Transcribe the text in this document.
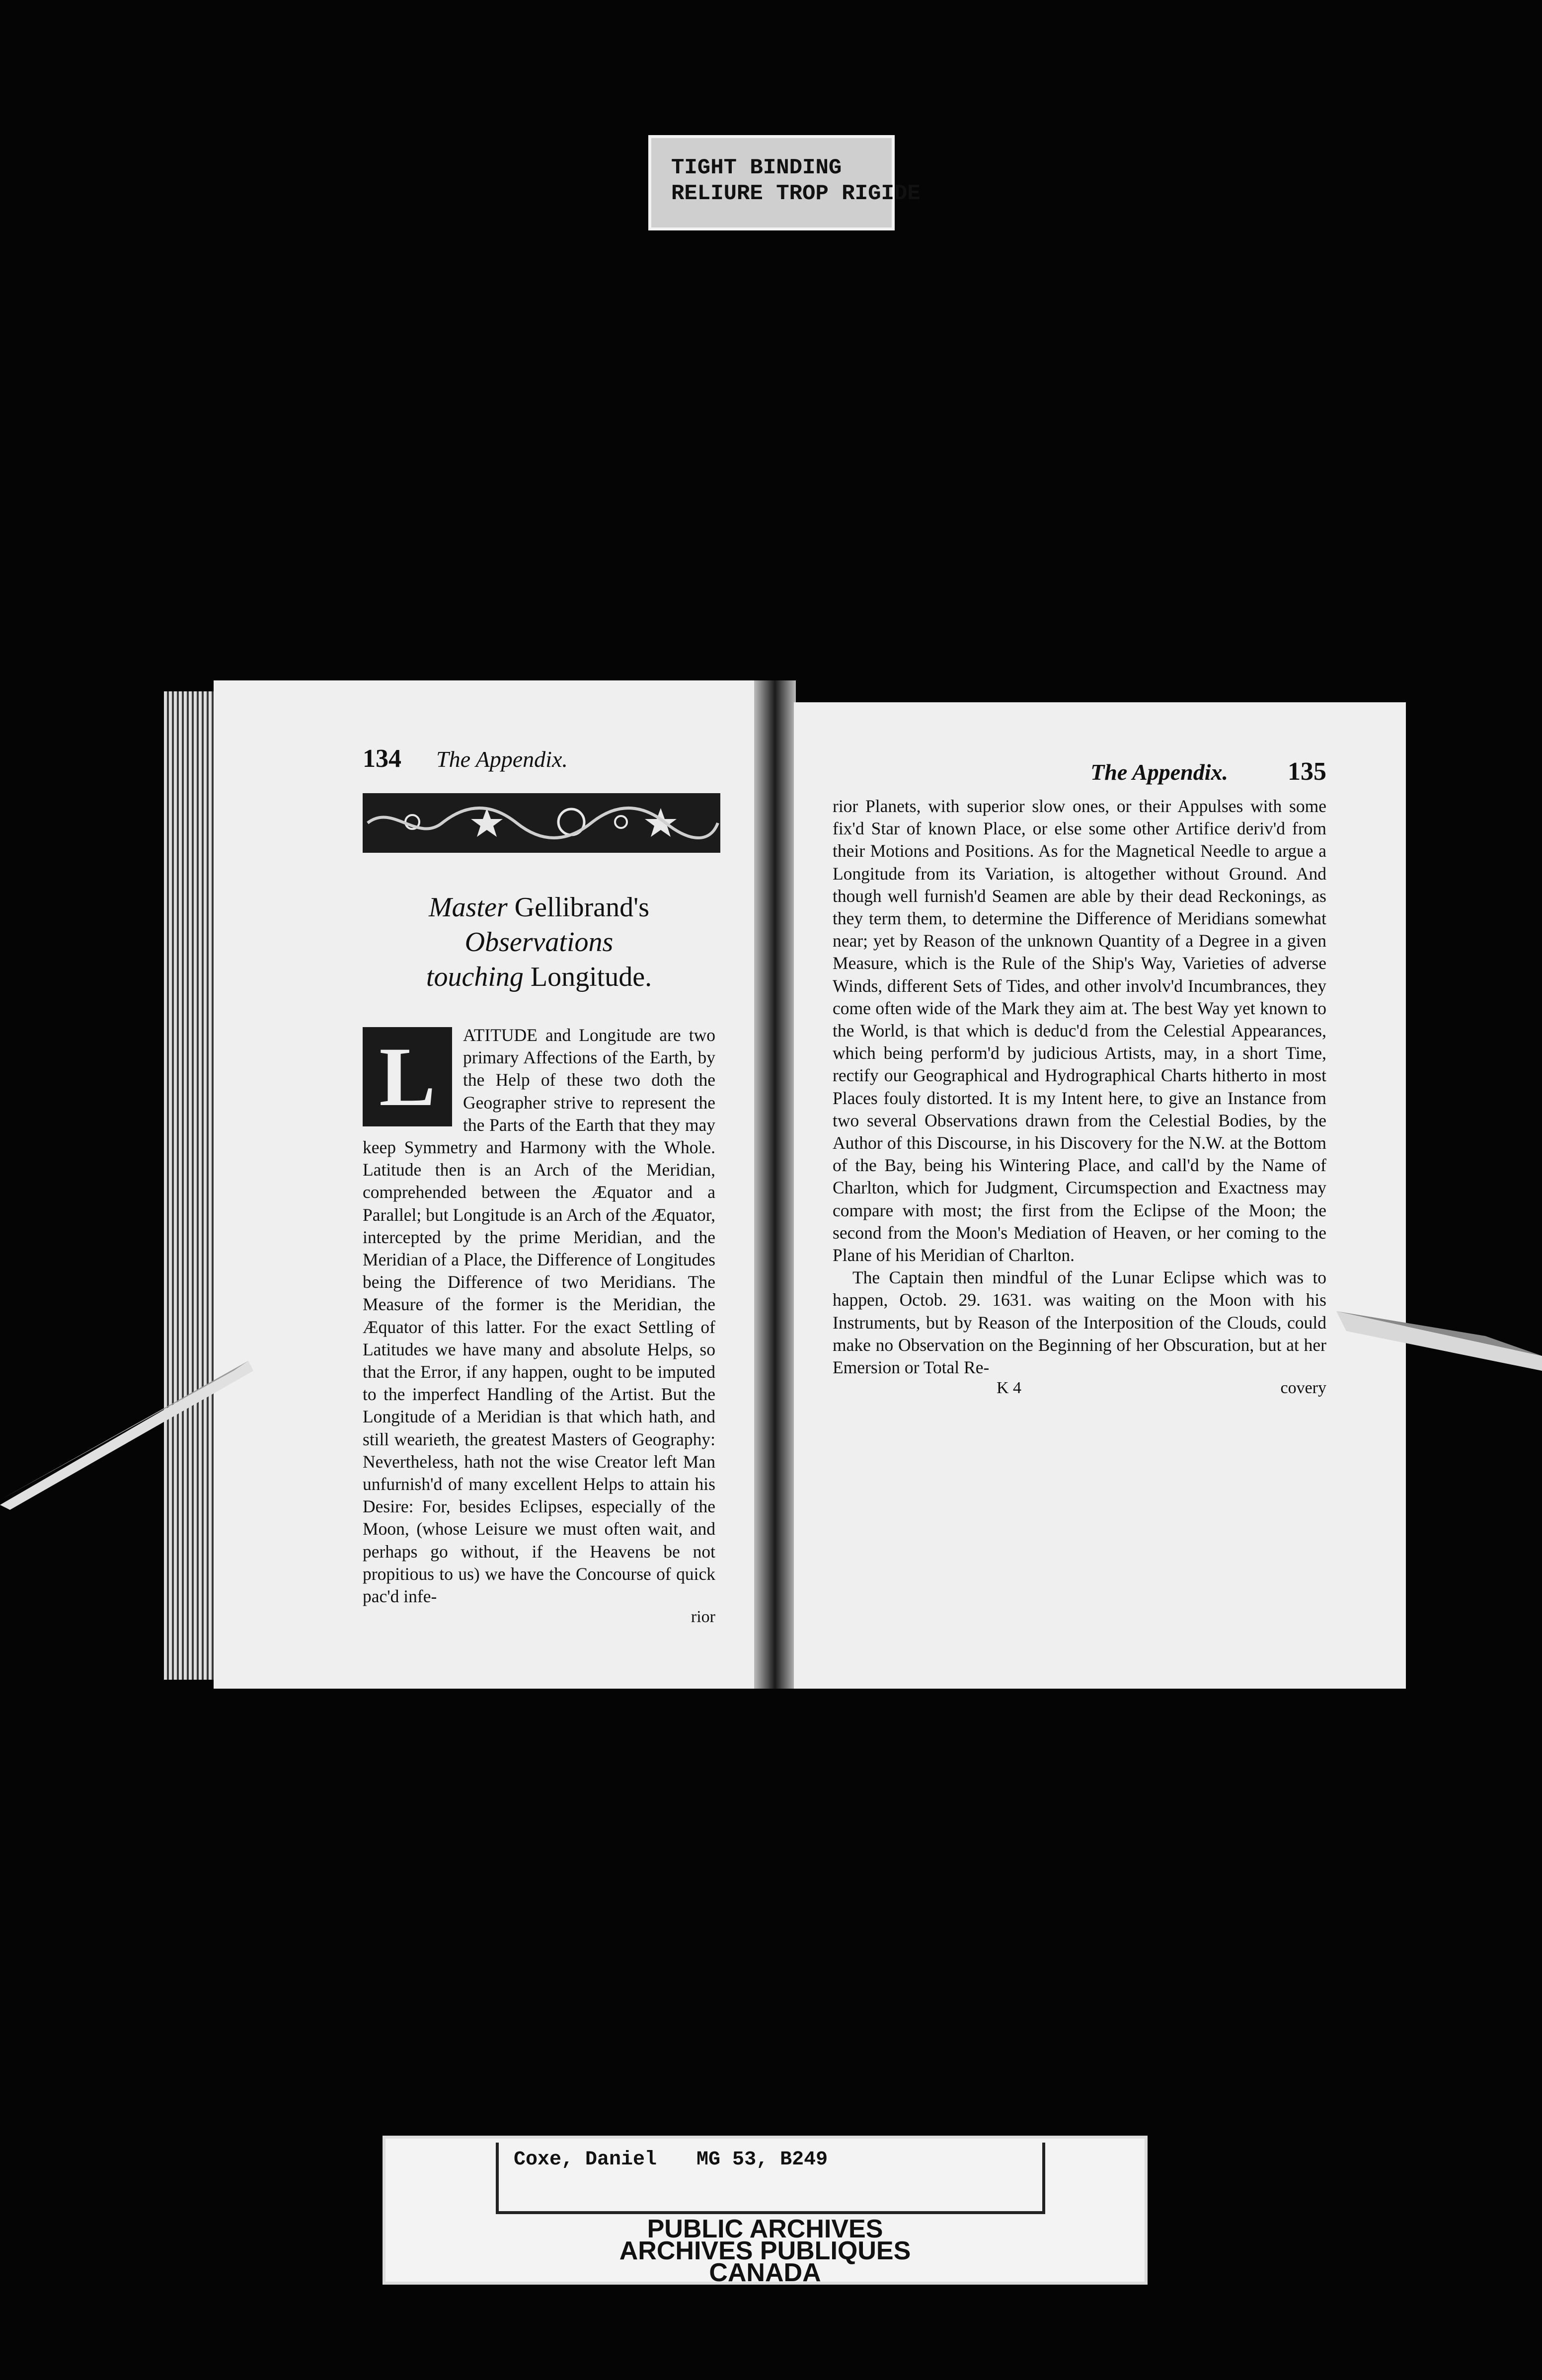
TIGHT BINDING
RELIURE TROP RIGIDE
134 The Appendix.
Master Gellibrand's Observations
touching Longitude.
L	ATITUDE and Longitude are two primary Affections of the Earth, by the Help of these two doth the Geographer strive to represent the the Parts of the Earth that they may keep Symmetry and Harmony with the Whole. Latitude then is an Arch of the Meridian, comprehended between the Æquator and a Parallel; but Longitude is an Arch of the Æquator, intercepted by the prime Meridian, and the Meridian of a Place, the Difference of Longitudes being the Difference of two Meridians. The Measure of the former is the Meridian, the Æquator of this latter. For the exact Settling of Latitudes we have many and absolute Helps, so that the Error, if any happen, ought to be imputed to the imperfect Handling of the Artist. But the Longitude of a Meridian is that which hath, and still wearieth, the greatest Masters of Geography: Nevertheless, hath not the wise Creator left Man unfurnish'd of many excellent Helps to attain his Desire: For, besides Eclipses, especially of the Moon, (whose Leisure we must often wait, and perhaps go without, if the Heavens be not propitious to us) we have the Concourse of quick pac'd infe-
rior
The Appendix. 135
rior Planets, with superior slow ones, or their Appulses with some fix'd Star of known Place, or else some other Artifice deriv'd from their Motions and Positions. As for the Magnetical Needle to argue a Longitude from its Variation, is altogether without Ground. And though well furnish'd Seamen are able by their dead Reckonings, as they term them, to determine the Difference of Meridians somewhat near; yet by Reason of the unknown Quantity of a Degree in a given Measure, which is the Rule of the Ship's Way, Varieties of adverse Winds, different Sets of Tides, and other involv'd Incumbrances, they come often wide of the Mark they aim at. The best Way yet known to the World, is that which is deduc'd from the Celestial Appearances, which being perform'd by judicious Artists, may, in a short Time, rectify our Geographical and Hydrographical Charts hitherto in most Places fouly distorted. It is my Intent here, to give an Instance from two several Observations drawn from the Celestial Bodies, by the Author of this Discourse, in his Discovery for the N.W. at the Bottom of the Bay, being his Wintering Place, and call'd by the Name of Charlton, which for Judgment, Circumspection and Exactness may compare with most; the first from the Eclipse of the Moon; the second from the Moon's Mediation of Heaven, or her coming to the Plane of his Meridian of Charlton.
The Captain then mindful of the Lunar Eclipse which was to happen, Octob. 29. 1631. was waiting on the Moon with his Instruments, but by Reason of the Interposition of the Clouds, could make no Observation on the Beginning of her Obscuration, but at her Emersion or Total Re-
K 4	covery
Coxe, Daniel MG 53, B249
PUBLIC ARCHIVES
ARCHIVES PUBLIQUES
CANADA
